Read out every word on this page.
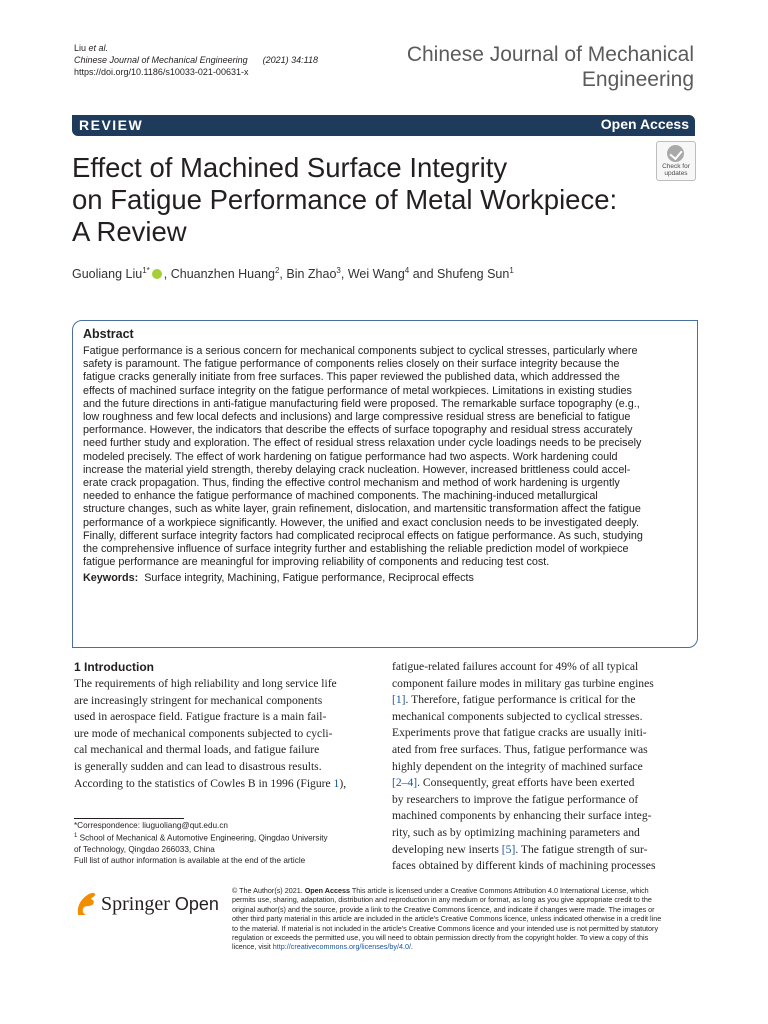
Liu et al.
Chinese Journal of Mechanical Engineering (2021) 34:118
https://doi.org/10.1186/s10033-021-00631-x
Chinese Journal of Mechanical
Engineering
REVIEW	Open Access
Effect of Machined Surface Integrity
on Fatigue Performance of Metal Workpiece:
A Review
Check for
updates
Guoliang Liu$^{1*}$ , Chuanzhen Huang$^2$, Bin Zhao$^3$, Wei Wang$^4$ and Shufeng Sun$^1$
Abstract
Fatigue performance is a serious concern for mechanical components subject to cyclical stresses, particularly where
safety is paramount. The fatigue performance of components relies closely on their surface integrity because the
fatigue cracks generally initiate from free surfaces. This paper reviewed the published data, which addressed the
effects of machined surface integrity on the fatigue performance of metal workpieces. Limitations in existing studies
and the future directions in anti-fatigue manufacturing field were proposed. The remarkable surface topography (e.g.,
low roughness and few local defects and inclusions) and large compressive residual stress are beneficial to fatigue
performance. However, the indicators that describe the effects of surface topography and residual stress accurately
need further study and exploration. The effect of residual stress relaxation under cycle loadings needs to be precisely
modeled precisely. The effect of work hardening on fatigue performance had two aspects. Work hardening could
increase the material yield strength, thereby delaying crack nucleation. However, increased brittleness could accel-
erate crack propagation. Thus, finding the effective control mechanism and method of work hardening is urgently
needed to enhance the fatigue performance of machined components. The machining-induced metallurgical
structure changes, such as white layer, grain refinement, dislocation, and martensitic transformation affect the fatigue
performance of a workpiece significantly. However, the unified and exact conclusion needs to be investigated deeply.
Finally, different surface integrity factors had complicated reciprocal effects on fatigue performance. As such, studying
the comprehensive influence of surface integrity further and establishing the reliable prediction model of workpiece
fatigue performance are meaningful for improving reliability of components and reducing test cost.
Keywords: Surface integrity, Machining, Fatigue performance, Reciprocal effects
1 Introduction
The requirements of high reliability and long service life
are increasingly stringent for mechanical components
used in aerospace field. Fatigue fracture is a main fail-
ure mode of mechanical components subjected to cycli-
cal mechanical and thermal loads, and fatigue failure
is generally sudden and can lead to disastrous results.
According to the statistics of Cowles B in 1996 (Figure 1),
fatigue-related failures account for 49% of all typical
component failure modes in military gas turbine engines
[1]. Therefore, fatigue performance is critical for the
mechanical components subjected to cyclical stresses.
Experiments prove that fatigue cracks are usually initi-
ated from free surfaces. Thus, fatigue performance was
highly dependent on the integrity of machined surface
[2–4]. Consequently, great efforts have been exerted
by researchers to improve the fatigue performance of
machined components by enhancing their surface integ-
rity, such as by optimizing machining parameters and
developing new inserts [5]. The fatigue strength of sur-
faces obtained by different kinds of machining processes
*Correspondence: liuguoliang@qut.edu.cn
$^1$ School of Mechanical & Automotive Engineering, Qingdao University
of Technology, Qingdao 266033, China
Full list of author information is available at the end of the article
Springer Open
© The Author(s) 2021. Open Access This article is licensed under a Creative Commons Attribution 4.0 International License, which
permits use, sharing, adaptation, distribution and reproduction in any medium or format, as long as you give appropriate credit to the
original author(s) and the source, provide a link to the Creative Commons licence, and indicate if changes were made. The images or
other third party material in this article are included in the article's Creative Commons licence, unless indicated otherwise in a credit line
to the material. If material is not included in the article's Creative Commons licence and your intended use is not permitted by statutory
regulation or exceeds the permitted use, you will need to obtain permission directly from the copyright holder. To view a copy of this
licence, visit http://creativecommons.org/licenses/by/4.0/.
